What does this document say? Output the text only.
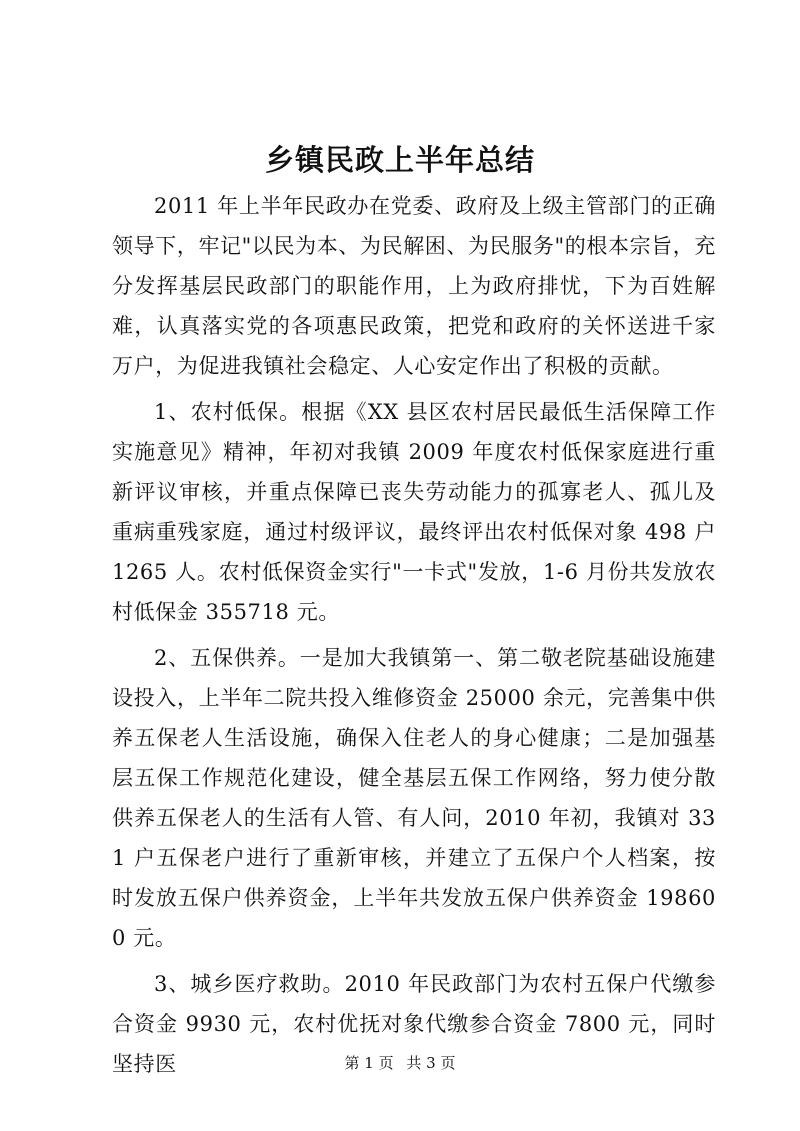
乡镇民政上半年总结

2011 年上半年民政办在党委、政府及上级主管部门的正确领导下，牢记"以民为本、为民解困、为民服务"的根本宗旨，充分发挥基层民政部门的职能作用，上为政府排忧，下为百姓解难，认真落实党的各项惠民政策，把党和政府的关怀送进千家万户，为促进我镇社会稳定、人心安定作出了积极的贡献。

1、农村低保。根据《XX 县区农村居民最低生活保障工作实施意见》精神，年初对我镇 2009 年度农村低保家庭进行重新评议审核，并重点保障已丧失劳动能力的孤寡老人、孤儿及重病重残家庭，通过村级评议，最终评出农村低保对象 498 户 1265 人。农村低保资金实行"一卡式"发放，1-6 月份共发放农村低保金 355718 元。

2、五保供养。一是加大我镇第一、第二敬老院基础设施建设投入，上半年二院共投入维修资金 25000 余元，完善集中供养五保老人生活设施，确保入住老人的身心健康；二是加强基层五保工作规范化建设，健全基层五保工作网络，努力使分散供养五保老人的生活有人管、有人问，2010 年初，我镇对 331 户五保老户进行了重新审核，并建立了五保户个人档案，按时发放五保户供养资金，上半年共发放五保户供养资金 198600 元。

3、城乡医疗救助。2010 年民政部门为农村五保户代缴参合资金 9930 元，农村优抚对象代缴参合资金 7800 元，同时坚持医	第 1 页 共 3 页
